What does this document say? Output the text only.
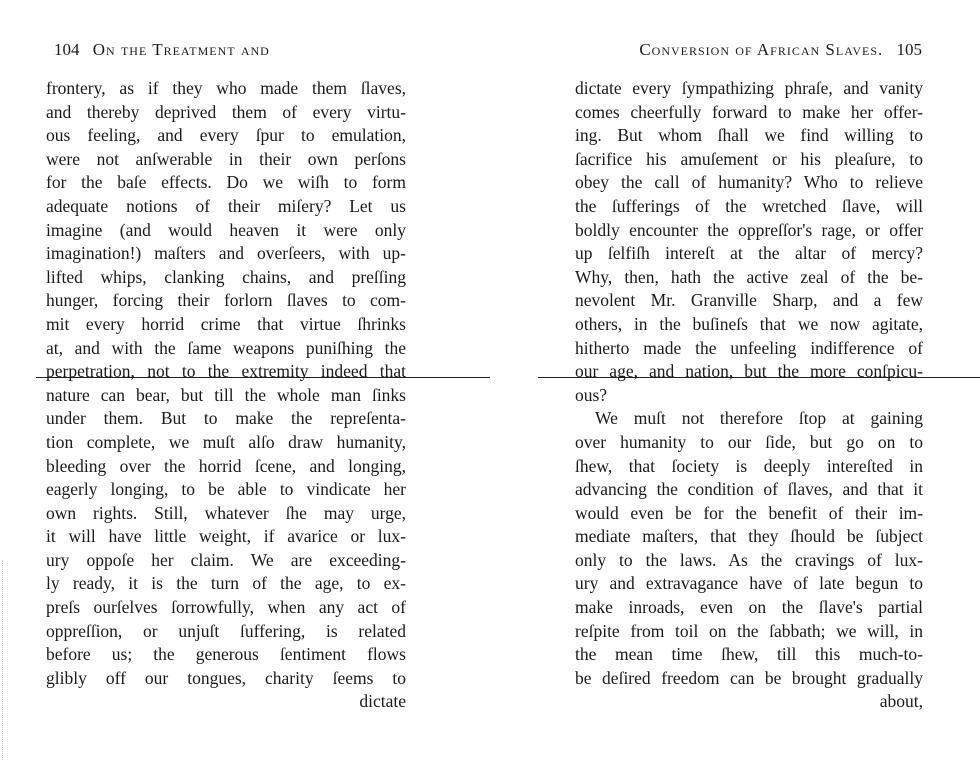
104 On the Treatment and
frontery, as if they who made them ſlaves,
and thereby deprived them of every virtu-
ous feeling, and every ſpur to emulation,
were not anſwerable in their own perſons
for the baſe effects. Do we wiſh to form
adequate notions of their miſery? Let us
imagine (and would heaven it were only
imagination!) maſters and overſeers, with up-
lifted whips, clanking chains, and preſſing
hunger, forcing their forlorn ſlaves to com-
mit every horrid crime that virtue ſhrinks
at, and with the ſame weapons puniſhing the
perpetration, not to the extremity indeed that
nature can bear, but till the whole man ſinks
under them. But to make the repreſenta-
tion complete, we muſt alſo draw humanity,
bleeding over the horrid ſcene, and longing,
eagerly longing, to be able to vindicate her
own rights. Still, whatever ſhe may urge,
it will have little weight, if avarice or lux-
ury oppoſe her claim. We are exceeding-
ly ready, it is the turn of the age, to ex-
preſs ourſelves ſorrowfully, when any act of
oppreſſion, or unjuſt ſuffering, is related
before us; the generous ſentiment flows
glibly off our tongues, charity ſeems to
dictate
Conversion of African Slaves. 105
dictate every ſympathizing phraſe, and vanity
comes cheerfully forward to make her offer-
ing. But whom ſhall we find willing to
ſacrifice his amuſement or his pleaſure, to
obey the call of humanity? Who to relieve
the ſufferings of the wretched ſlave, will
boldly encounter the oppreſſor's rage, or offer
up ſelfiſh intereſt at the altar of mercy?
Why, then, hath the active zeal of the be-
nevolent Mr. Granville Sharp, and a few
others, in the buſineſs that we now agitate,
hitherto made the unfeeling indifference of
our age, and nation, but the more conſpicu-
ous?
We muſt not therefore ſtop at gaining
over humanity to our ſide, but go on to
ſhew, that ſociety is deeply intereſted in
advancing the condition of ſlaves, and that it
would even be for the benefit of their im-
mediate maſters, that they ſhould be ſubject
only to the laws. As the cravings of lux-
ury and extravagance have of late begun to
make inroads, even on the ſlave's partial
reſpite from toil on the ſabbath; we will, in
the mean time ſhew, till this much-to-
be deſired freedom can be brought gradually
about,
